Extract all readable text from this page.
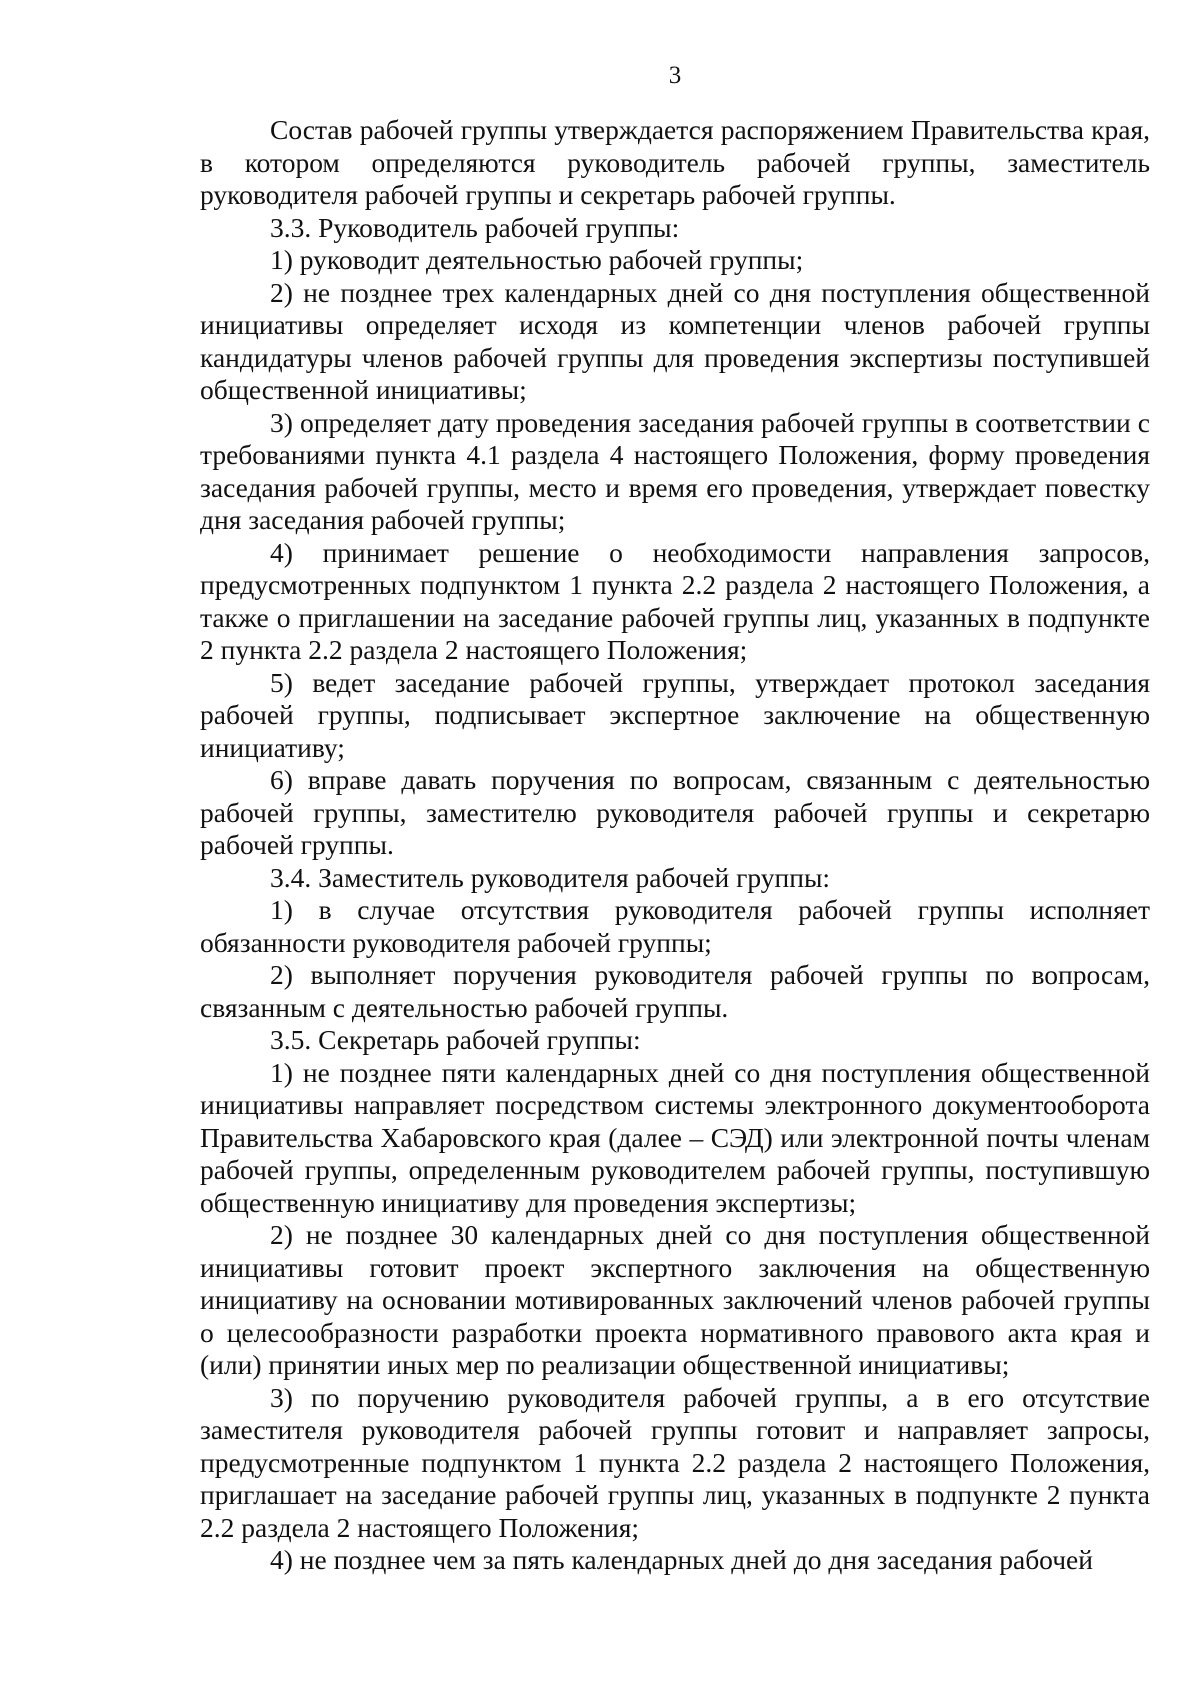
3

Состав рабочей группы утверждается распоряжением Правительства края, в котором определяются руководитель рабочей группы, заместитель руководителя рабочей группы и секретарь рабочей группы.

3.3. Руководитель рабочей группы:

1) руководит деятельностью рабочей группы;

2) не позднее трех календарных дней со дня поступления общественной инициативы определяет исходя из компетенции членов рабочей группы кандидатуры членов рабочей группы для проведения экспертизы поступившей общественной инициативы;

3) определяет дату проведения заседания рабочей группы в соответствии с требованиями пункта 4.1 раздела 4 настоящего Положения, форму проведения заседания рабочей группы, место и время его проведения, утверждает повестку дня заседания рабочей группы;

4) принимает решение о необходимости направления запросов, предусмотренных подпунктом 1 пункта 2.2 раздела 2 настоящего Положения, а также о приглашении на заседание рабочей группы лиц, указанных в подпункте 2 пункта 2.2 раздела 2 настоящего Положения;

5) ведет заседание рабочей группы, утверждает протокол заседания рабочей группы, подписывает экспертное заключение на общественную инициативу;

6) вправе давать поручения по вопросам, связанным с деятельностью рабочей группы, заместителю руководителя рабочей группы и секретарю рабочей группы.

3.4. Заместитель руководителя рабочей группы:

1) в случае отсутствия руководителя рабочей группы исполняет обязанности руководителя рабочей группы;

2) выполняет поручения руководителя рабочей группы по вопросам, связанным с деятельностью рабочей группы.

3.5. Секретарь рабочей группы:

1) не позднее пяти календарных дней со дня поступления общественной инициативы направляет посредством системы электронного документооборота Правительства Хабаровского края (далее – СЭД) или электронной почты членам рабочей группы, определенным руководителем рабочей группы, поступившую общественную инициативу для проведения экспертизы;

2) не позднее 30 календарных дней со дня поступления общественной инициативы готовит проект экспертного заключения на общественную инициативу на основании мотивированных заключений членов рабочей группы о целесообразности разработки проекта нормативного правового акта края и (или) принятии иных мер по реализации общественной инициативы;

3) по поручению руководителя рабочей группы, а в его отсутствие заместителя руководителя рабочей группы готовит и направляет запросы, предусмотренные подпунктом 1 пункта 2.2 раздела 2 настоящего Положения, приглашает на заседание рабочей группы лиц, указанных в подпункте 2 пункта 2.2 раздела 2 настоящего Положения;

4) не позднее чем за пять календарных дней до дня заседания рабочей
